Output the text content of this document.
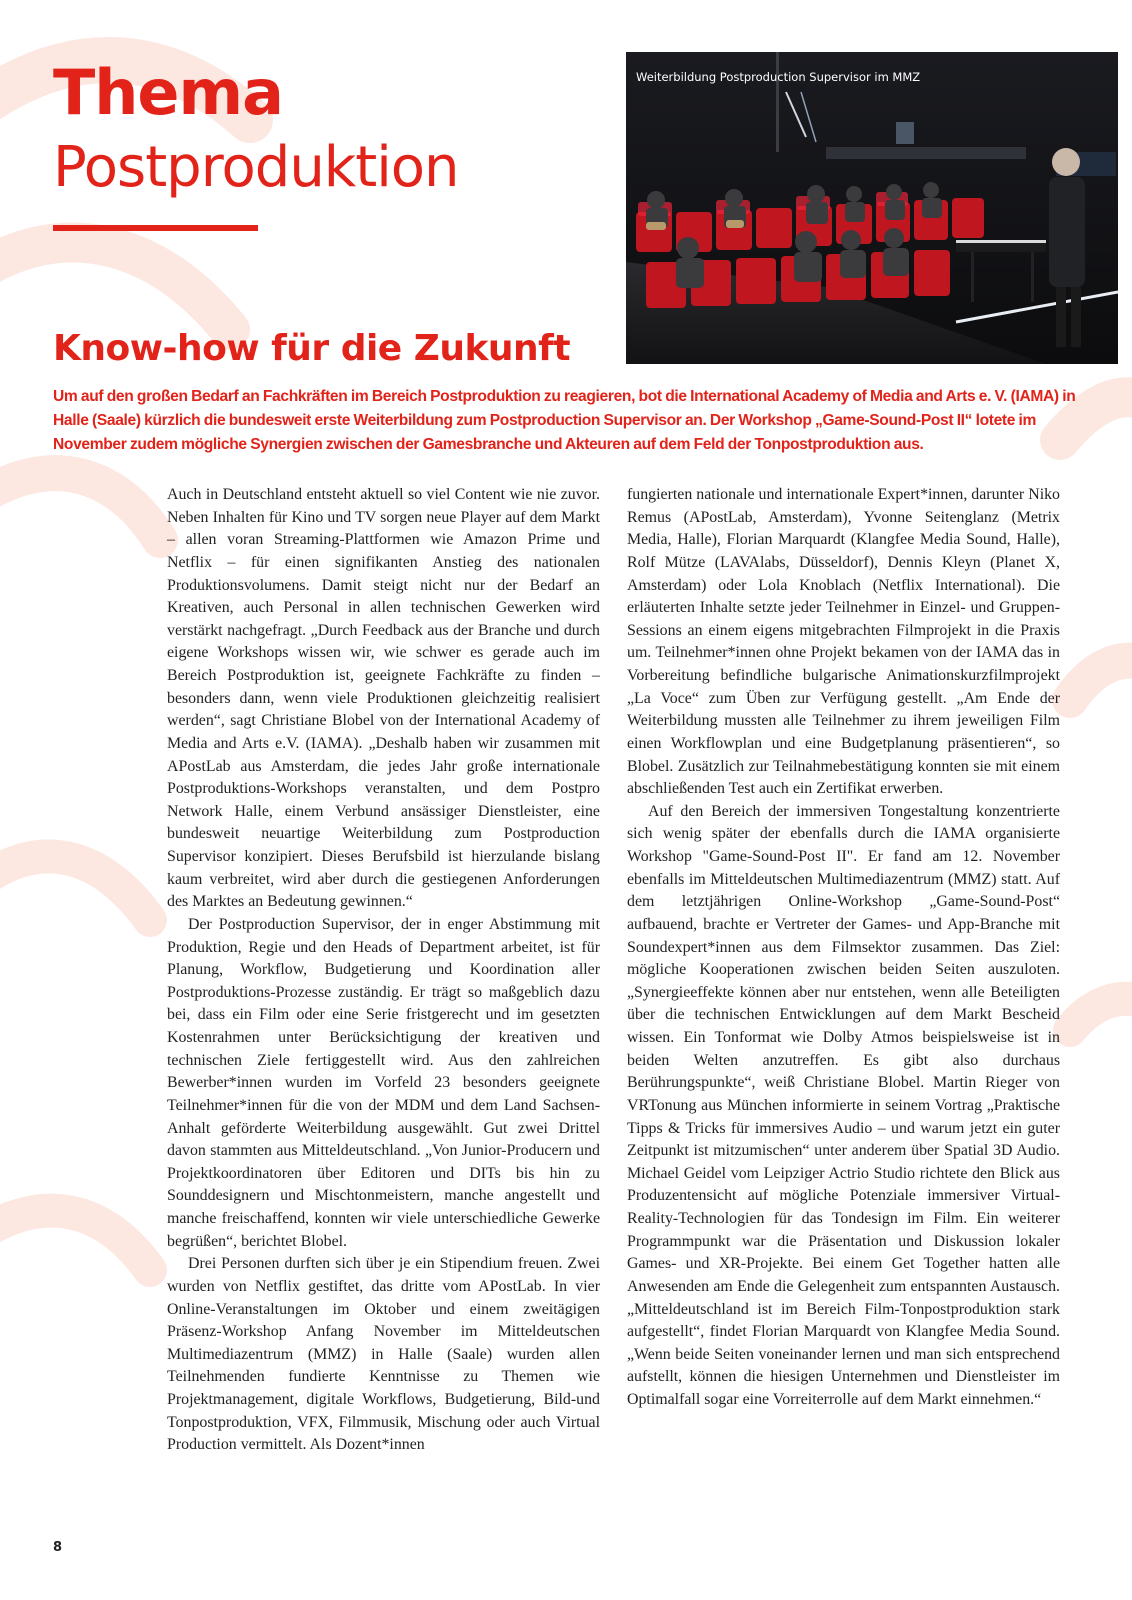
Thema
Postproduktion
Weiterbildung Postproduction Supervisor im MMZ
Know-how für die Zukunft
Um auf den großen Bedarf an Fachkräften im Bereich Postproduktion zu reagieren, bot die International Academy of Media and Arts e. V. (IAMA) in Halle (Saale) kürzlich die bundesweit erste Weiterbildung zum Postproduction Supervisor an. Der Workshop „Game-Sound-Post II“ lotete im November zudem mögliche Synergien zwischen der Gamesbranche und Akteuren auf dem Feld der Tonpostproduktion aus.

Auch in Deutschland entsteht aktuell so viel Content wie nie zuvor. Neben Inhalten für Kino und TV sorgen neue Player auf dem Markt – allen voran Streaming-Plattformen wie Amazon Prime und Netflix – für einen signifikanten Anstieg des nationalen Produktionsvolumens. Damit steigt nicht nur der Bedarf an Kreativen, auch Personal in allen technischen Gewerken wird verstärkt nachgefragt. „Durch Feedback aus der Branche und durch eigene Workshops wissen wir, wie schwer es gerade auch im Bereich Postproduktion ist, geeignete Fachkräfte zu finden – besonders dann, wenn viele Produktionen gleichzeitig realisiert werden“, sagt Christiane Blobel von der International Academy of Media and Arts e.V. (IAMA). „Deshalb haben wir zusammen mit APostLab aus Amsterdam, die jedes Jahr große internationale Postproduktions-Workshops veranstalten, und dem Postpro Network Halle, einem Verbund ansässiger Dienstleister, eine bundesweit neuartige Weiterbildung zum Postproduction Supervisor konzipiert. Dieses Berufsbild ist hierzulande bislang kaum verbreitet, wird aber durch die gestiegenen Anforderungen des Marktes an Bedeutung gewinnen.“

Der Postproduction Supervisor, der in enger Abstimmung mit Produktion, Regie und den Heads of Department arbeitet, ist für Planung, Workflow, Budgetierung und Koordination aller Postproduktions-Prozesse zuständig. Er trägt so maßgeblich dazu bei, dass ein Film oder eine Serie fristgerecht und im gesetzten Kostenrahmen unter Berücksichtigung der kreativen und technischen Ziele fertiggestellt wird. Aus den zahlreichen Bewerber*innen wurden im Vorfeld 23 besonders geeignete Teilnehmer*innen für die von der MDM und dem Land Sachsen-Anhalt geförderte Weiterbildung ausgewählt. Gut zwei Drittel davon stammten aus Mitteldeutschland. „Von Junior-Producern und Projektkoordinatoren über Editoren und DITs bis hin zu Sounddesignern und Mischtonmeistern, manche angestellt und manche freischaffend, konnten wir viele unterschiedliche Gewerke begrüßen“, berichtet Blobel.

Drei Personen durften sich über je ein Stipendium freuen. Zwei wurden von Netflix gestiftet, das dritte vom APostLab. In vier Online-Veranstaltungen im Oktober und einem zweitägigen Präsenz-Workshop Anfang November im Mitteldeutschen Multimediazentrum (MMZ) in Halle (Saale) wurden allen Teilnehmenden fundierte Kenntnisse zu Themen wie Projektmanagement, digitale Workflows, Budgetierung, Bild-und Tonpostproduktion, VFX, Filmmusik, Mischung oder auch Virtual Production vermittelt. Als Dozent*innen

fungierten nationale und internationale Expert*innen, darunter Niko Remus (APostLab, Amsterdam), Yvonne Seitenglanz (Metrix Media, Halle), Florian Marquardt (Klangfee Media Sound, Halle), Rolf Mütze (LAVAlabs, Düsseldorf), Dennis Kleyn (Planet X, Amsterdam) oder Lola Knoblach (Netflix International). Die erläuterten Inhalte setzte jeder Teilnehmer in Einzel- und Gruppen-Sessions an einem eigens mitgebrachten Filmprojekt in die Praxis um. Teilnehmer*innen ohne Projekt bekamen von der IAMA das in Vorbereitung befindliche bulgarische Animationskurzfilmprojekt „La Voce“ zum Üben zur Verfügung gestellt. „Am Ende der Weiterbildung mussten alle Teilnehmer zu ihrem jeweiligen Film einen Workflowplan und eine Budgetplanung präsentieren“, so Blobel. Zusätzlich zur Teilnahmebestätigung konnten sie mit einem abschließenden Test auch ein Zertifikat erwerben.

Auf den Bereich der immersiven Tongestaltung konzentrierte sich wenig später der ebenfalls durch die IAMA organisierte Workshop "Game-Sound-Post II". Er fand am 12. November ebenfalls im Mitteldeutschen Multimediazentrum (MMZ) statt. Auf dem letztjährigen Online-Workshop „Game-Sound-Post“ aufbauend, brachte er Vertreter der Games- und App-Branche mit Soundexpert*innen aus dem Filmsektor zusammen. Das Ziel: mögliche Kooperationen zwischen beiden Seiten auszuloten. „Synergieeffekte können aber nur entstehen, wenn alle Beteiligten über die technischen Entwicklungen auf dem Markt Bescheid wissen. Ein Tonformat wie Dolby Atmos beispielsweise ist in beiden Welten anzutreffen. Es gibt also durchaus Berührungspunkte“, weiß Christiane Blobel. Martin Rieger von VRTonung aus München informierte in seinem Vortrag „Praktische Tipps & Tricks für immersives Audio – und warum jetzt ein guter Zeitpunkt ist mitzumischen“ unter anderem über Spatial 3D Audio. Michael Geidel vom Leipziger Actrio Studio richtete den Blick aus Produzentensicht auf mögliche Potenziale immersiver Virtual-Reality-Technologien für das Tondesign im Film. Ein weiterer Programmpunkt war die Präsentation und Diskussion lokaler Games- und XR-Projekte. Bei einem Get Together hatten alle Anwesenden am Ende die Gelegenheit zum entspannten Austausch. „Mitteldeutschland ist im Bereich Film-Tonpostproduktion stark aufgestellt“, findet Florian Marquardt von Klangfee Media Sound. „Wenn beide Seiten voneinander lernen und man sich entsprechend aufstellt, können die hiesigen Unternehmen und Dienstleister im Optimalfall sogar eine Vorreiterrolle auf dem Markt einnehmen.“

8
